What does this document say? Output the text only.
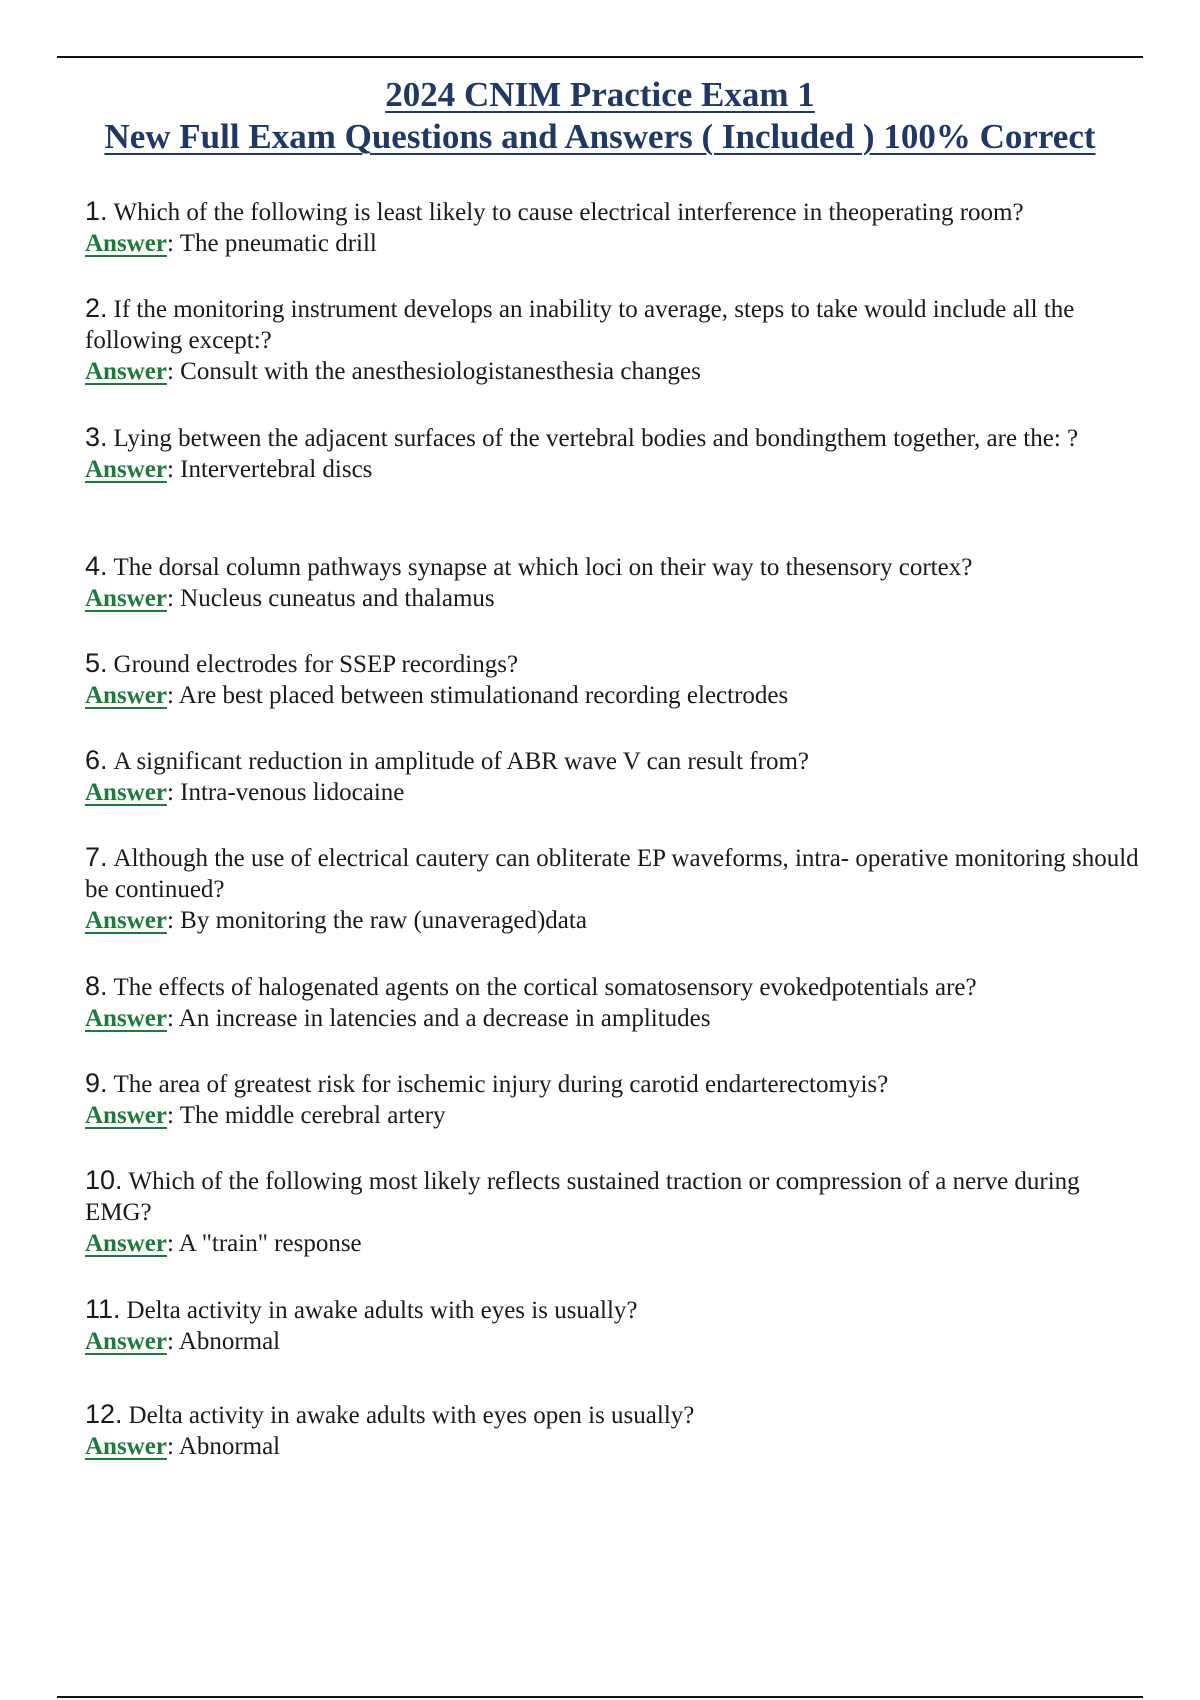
2024 CNIM Practice Exam 1
New Full Exam Questions and Answers ( Included ) 100% Correct
1. Which of the following is least likely to cause electrical interference in theoperating room?
Answer: The pneumatic drill
2. If the monitoring instrument develops an inability to average, steps to take would include all the following except:?
Answer: Consult with the anesthesiologistanesthesia changes
3. Lying between the adjacent surfaces of the vertebral bodies and bondingthem together, are the: ?
Answer: Intervertebral discs
4. The dorsal column pathways synapse at which loci on their way to thesensory cortex?
Answer: Nucleus cuneatus and thalamus
5. Ground electrodes for SSEP recordings?
Answer: Are best placed between stimulationand recording electrodes
6. A significant reduction in amplitude of ABR wave V can result from?
Answer: Intra-venous lidocaine
7. Although the use of electrical cautery can obliterate EP waveforms, intra- operative monitoring should be continued?
Answer: By monitoring the raw (unaveraged)data
8. The effects of halogenated agents on the cortical somatosensory evokedpotentials are?
Answer: An increase in latencies and a decrease in amplitudes
9. The area of greatest risk for ischemic injury during carotid endarterectomyis?
Answer: The middle cerebral artery
10. Which of the following most likely reflects sustained traction or compression of a nerve during EMG?
Answer: A "train" response
11. Delta activity in awake adults with eyes is usually?
Answer: Abnormal
12. Delta activity in awake adults with eyes open is usually?
Answer: Abnormal
